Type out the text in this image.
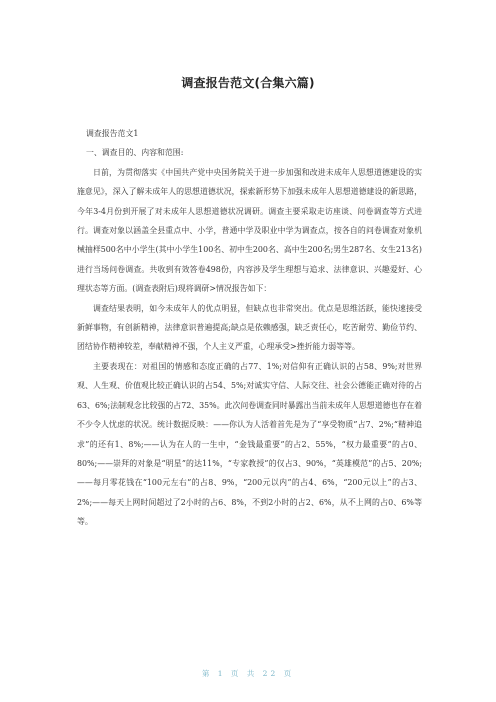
调查报告范文(合集六篇)

调查报告范文1

一、调查目的、内容和范围:

日前，为贯彻落实《中国共产党中央国务院关于进一步加强和改进未成年人思想道德建设的实施意见》，深入了解未成年人的思想道德状况，探索新形势下加强未成年人思想道德建设的新思路，今年3-4月份到开展了对未成年人思想道德状况调研。调查主要采取走访座谈、问卷调查等方式进行。调查对象以涵盖全县重点中、小学，普通中学及职业中学为调查点，按各自的问卷调查对象机械抽样500名中小学生(其中小学生100名、初中生200名、高中生200名;男生287名、女生213名)进行当场问卷调查。共收到有效答卷498份，内容涉及学生理想与追求、法律意识、兴趣爱好、心理状态等方面。(调查表附后)现将调研>情况报告如下：

调查结果表明，如今未成年人的优点明显，但缺点也非常突出。优点是思维活跃，能快速接受新鲜事物，有创新精神，法律意识普遍提高;缺点是依赖感强，缺乏责任心，吃苦耐劳、勤俭节约、团结协作精神较差，奉献精神不强，个人主义严重，心理承受>挫折能力弱等等。

主要表现在：对祖国的情感和态度正确的占77、1%;对信仰有正确认识的占58、9%;对世界观、人生观、价值观比较正确认识的占54、5%;对诚实守信、人际交往、社会公德能正确对待的占63、6%;法制观念比较强的占72、35%。此次问卷调查同时暴露出当前未成年人思想道德也存在着不少令人忧虑的状况。统计数据反映：——你认为人活着首先是为了“享受物质”占7、2%;“精神追求”的还有1、8%;——认为在人的一生中，“金钱最重要”的占2、55%，“权力最重要”的占0、80%;——崇拜的对象是“明星”的达11%，“专家教授”的仅占3、90%，“英雄模范”的占5、20%;——每月零花钱在“100元左右”的占8、9%，“200元以内”的占4、6%，“200元以上”的占3、2%;——每天上网时间超过了2小时的占6、8%，不到2小时的占2、6%，从不上网的占0、6%等等。

第 1 页 共 22 页
